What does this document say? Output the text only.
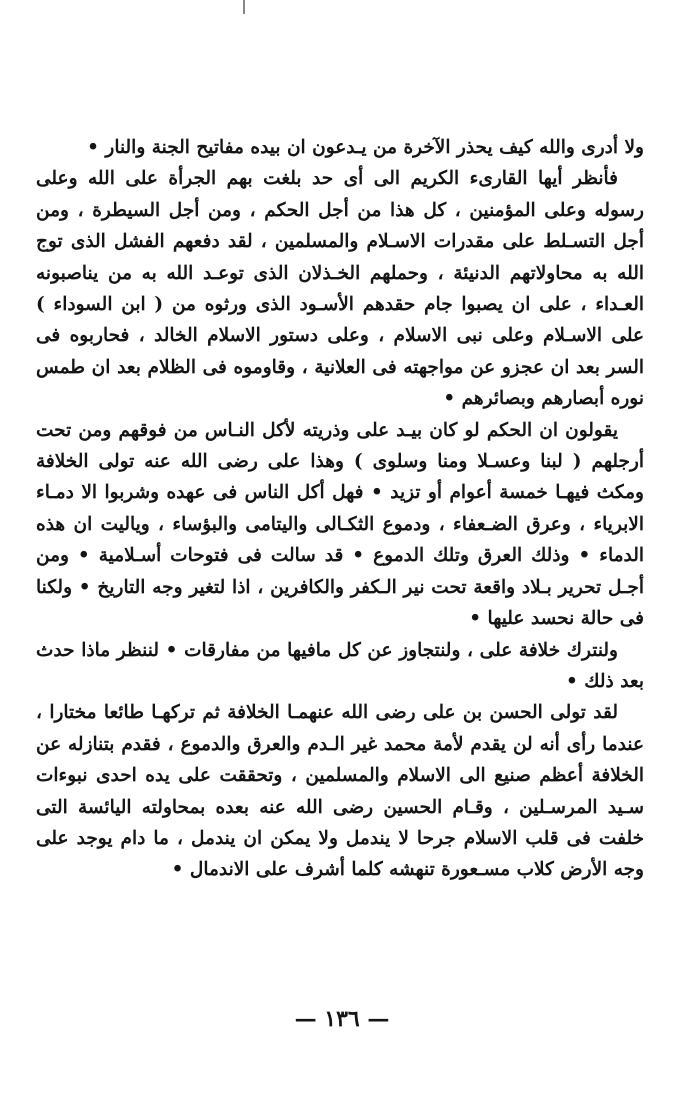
ولا أدرى والله كيف يحذر الآخرة من يـدعون ان بيده مفاتيح الجنة والنار •

فأنظر أيها القارىء الكريم الى أى حد بلغت بهم الجرأة على الله وعلى رسوله وعلى المؤمنين ، كل هذا من أجل الحكم ، ومن أجل السيطرة ، ومن أجل التسـلط على مقدرات الاسـلام والمسلمين ، لقد دفعهم الفشل الذى توج الله به محاولاتهم الدنيئة ، وحملهم الخـذلان الذى توعـد الله به من يناصبونه العـداء ، على ان يصبوا جام حقدهم الأسـود الذى ورثوه من ( ابن السوداء ) على الاسـلام وعلى نبى الاسلام ، وعلى دستور الاسلام الخالد ، فحاربوه فى السر بعد ان عجزو عن مواجهته فى العلانية ، وقاوموه فى الظلام بعد ان طمس نوره أبصارهم وبصائرهم •

يقولون ان الحكم لو كان بيـد على وذريته لأكل النـاس من فوقهم ومن تحت أرجلهم ( لبنا وعسـلا ومنا وسلوى ) وهذا على رضى الله عنه تولى الخلافة ومكث فيهـا خمسة أعوام أو تزيد • فهل أكل الناس فى عهده وشربوا الا دمـاء الابرياء ، وعرق الضـعفاء ، ودموع الثكـالى واليتامى والبؤساء ، وياليت ان هذه الدماء • وذلك العرق وتلك الدموع • قد سالت فى فتوحات أسـلامية • ومن أجـل تحرير بـلاد واقعة تحت نير الـكفر والكافرين ، اذا لتغير وجه التاريخ • ولكنا فى حالة نحسد عليها •

ولنترك خلافة على ، ولنتجاوز عن كل مافيها من مفارقات • لننظر ماذا حدث بعد ذلك •

لقد تولى الحسن بن على رضى الله عنهمـا الخلافة ثم تركهـا طائعا مختارا ، عندما رأى أنه لن يقدم لأمة محمد غير الـدم والعرق والدموع ، فقدم بتنازله عن الخلافة أعظم صنيع الى الاسلام والمسلمين ، وتحققت على يده احدى نبوءات سـيد المرسـلين ، وقـام الحسين رضى الله عنه بعده بمحاولته اليائسة التى خلفت فى قلب الاسلام جرحا لا يندمل ولا يمكن ان يندمل ، ما دام يوجد على وجه الأرض كلاب مسـعورة تنهشه كلما أشرف على الاندمال •

— ١٣٦ —
